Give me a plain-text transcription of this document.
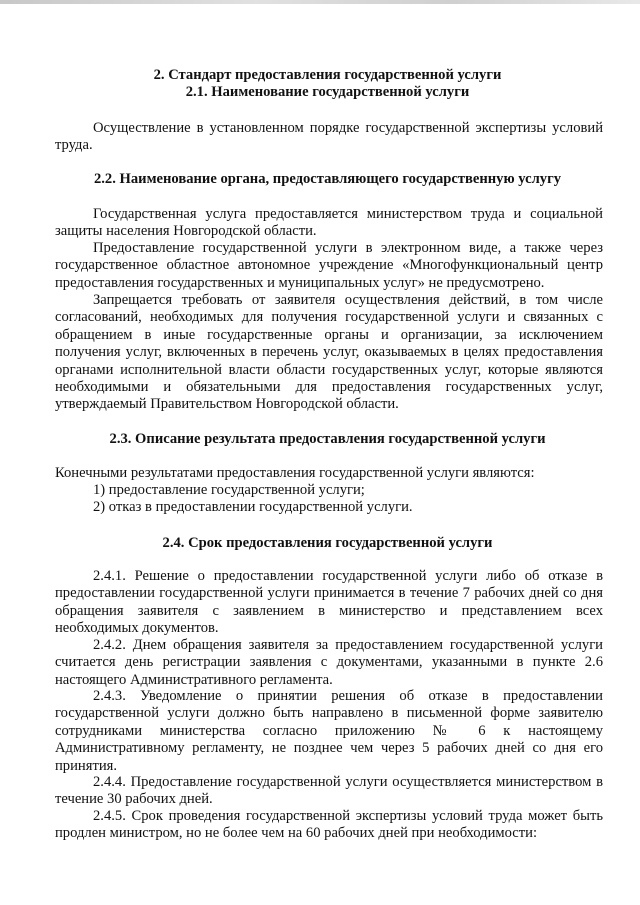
2. Стандарт предоставления государственной услуги
2.1. Наименование государственной услуги
Осуществление в установленном порядке государственной экспертизы условий труда.
2.2. Наименование органа, предоставляющего государственную услугу
Государственная услуга предоставляется министерством труда и социальной защиты населения Новгородской области.
Предоставление государственной услуги в электронном виде, а также через государственное областное автономное учреждение «Многофункциональный центр предоставления государственных и муниципальных услуг» не предусмотрено.
Запрещается требовать от заявителя осуществления действий, в том числе согласований, необходимых для получения государственной услуги и связанных с обращением в иные государственные органы и организации, за исключением получения услуг, включенных в перечень услуг, оказываемых в целях предоставления органами исполнительной власти области государственных услуг, которые являются необходимыми и обязательными для предоставления государственных услуг, утверждаемый Правительством Новгородской области.
2.3. Описание результата предоставления государственной услуги
Конечными результатами предоставления государственной услуги являются:
1) предоставление государственной услуги;
2) отказ в предоставлении государственной услуги.
2.4. Срок предоставления государственной услуги
2.4.1. Решение о предоставлении государственной услуги либо об отказе в предоставлении государственной услуги принимается в течение 7 рабочих дней со дня обращения заявителя с заявлением в министерство и представлением всех необходимых документов.
2.4.2. Днем обращения заявителя за предоставлением государственной услуги считается день регистрации заявления с документами, указанными в пункте 2.6 настоящего Административного регламента.
2.4.3. Уведомление о принятии решения об отказе в предоставлении государственной услуги должно быть направлено в письменной форме заявителю сотрудниками министерства согласно приложению № 6 к настоящему Административному регламенту, не позднее чем через 5 рабочих дней со дня его принятия.
2.4.4. Предоставление государственной услуги осуществляется министерством в течение 30 рабочих дней.
2.4.5. Срок проведения государственной экспертизы условий труда может быть продлен министром, но не более чем на 60 рабочих дней при необходимости:
